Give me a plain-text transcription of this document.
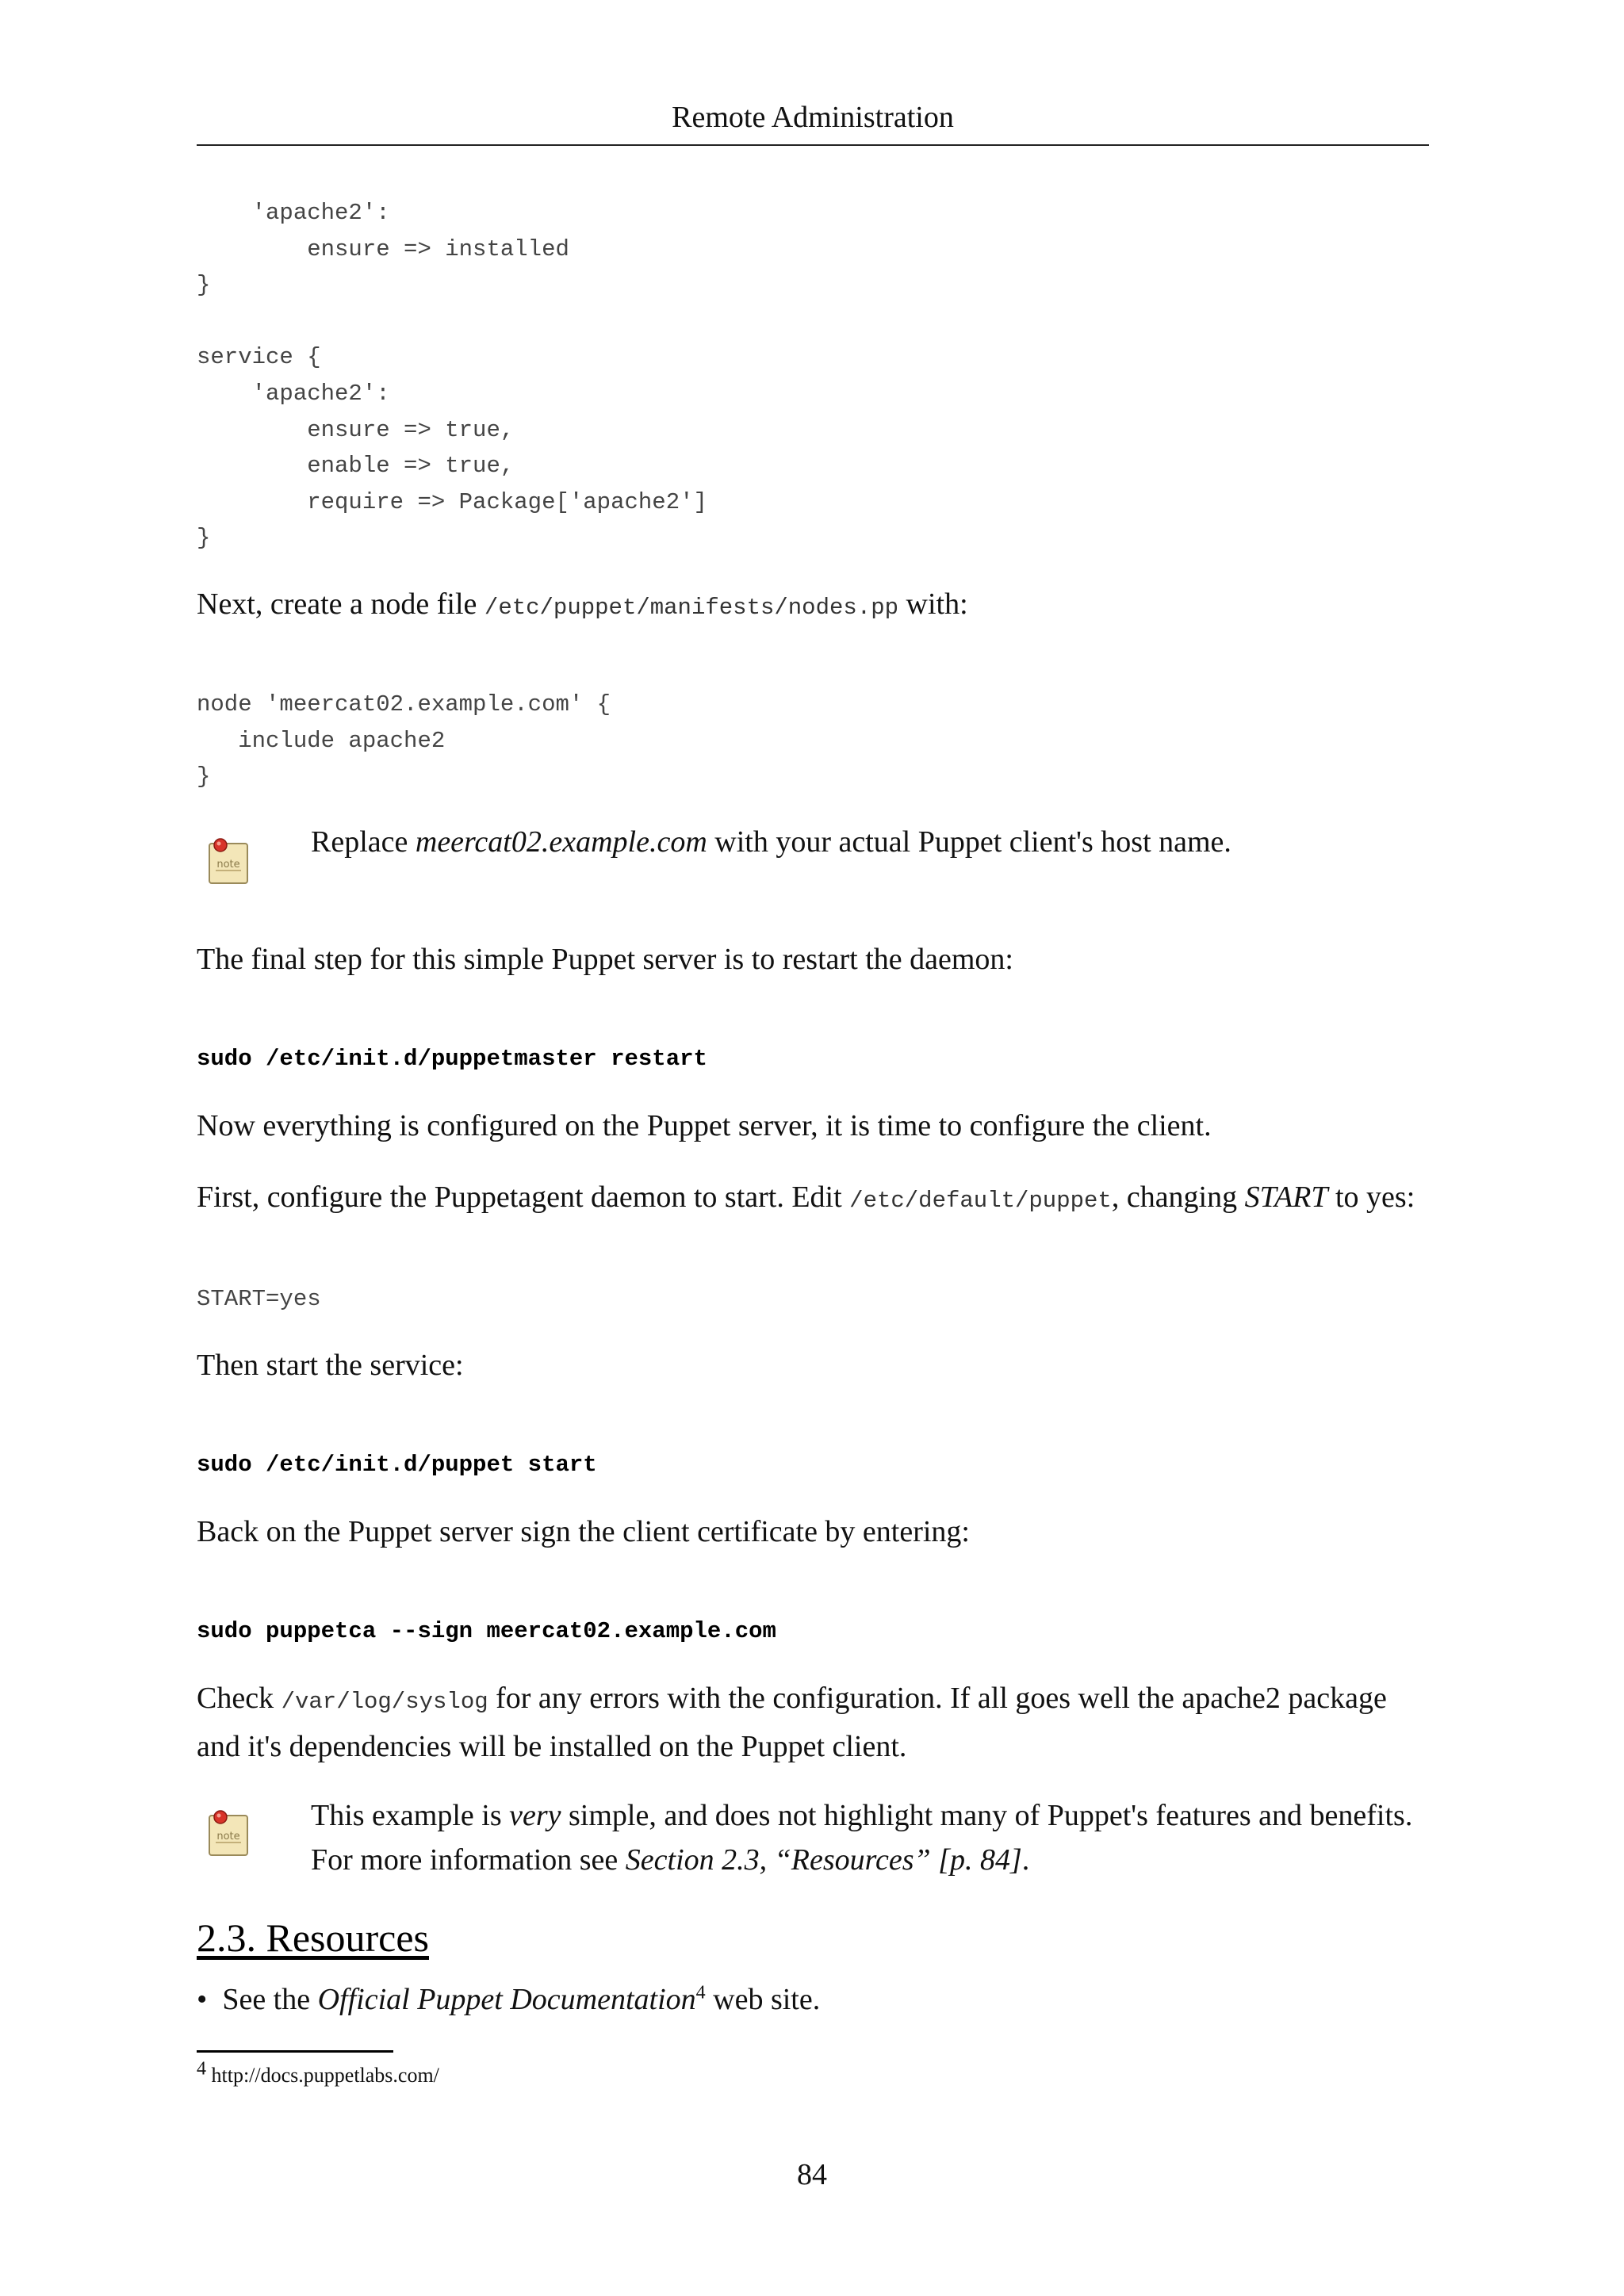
Remote Administration
'apache2':
ensure => installed
}

service {
'apache2':
ensure => true,
enable => true,
require => Package['apache2']
}
Next, create a node file /etc/puppet/manifests/nodes.pp with:
node 'meercat02.example.com' {
include apache2
}
note
Replace meercat02.example.com with your actual Puppet client's host name.
The final step for this simple Puppet server is to restart the daemon:
sudo /etc/init.d/puppetmaster restart
Now everything is configured on the Puppet server, it is time to configure the client.
First, configure the Puppetagent daemon to start. Edit /etc/default/puppet, changing START to yes:
START=yes
Then start the service:
sudo /etc/init.d/puppet start
Back on the Puppet server sign the client certificate by entering:
sudo puppetca --sign meercat02.example.com
Check /var/log/syslog for any errors with the configuration. If all goes well the apache2 package and it's dependencies will be installed on the Puppet client.
note
This example is very simple, and does not highlight many of Puppet's features and benefits. For more information see Section 2.3, “Resources” [p. 84].
2.3. Resources
•  See the Official Puppet Documentation$^4$ web site.
$^4$ http://docs.puppetlabs.com/
84
